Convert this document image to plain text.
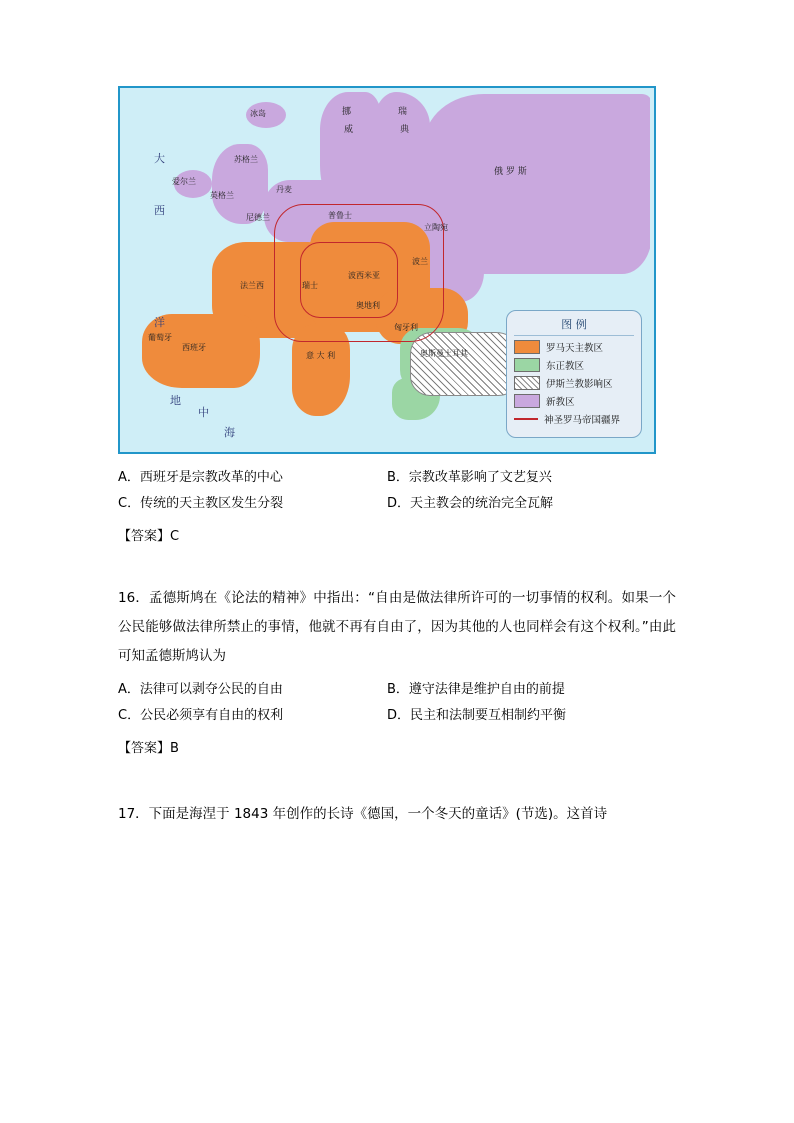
大
西
洋
地
中
海
挪
威
瑞
典
冰岛
苏格兰
爱尔兰
英格兰
丹麦
尼德兰	普鲁士
俄 罗 斯
立陶宛
波兰
法兰西	瑞士
波西米亚
奥地利
匈牙利
葡萄牙
西班牙
意 大 利	奥斯曼土耳其
图 例
罗马天主教区
东正教区
伊斯兰教影响区
新教区
神圣罗马帝国疆界
A．西班牙是宗教改革的中心
C．传统的天主教区发生分裂
B．宗教改革影响了文艺复兴
D．天主教会的统治完全瓦解
【答案】C
16．孟德斯鸠在《论法的精神》中指出：“自由是做法律所许可的一切事情的权利。如果一个公民能够做法律所禁止的事情，他就不再有自由了，因为其他的人也同样会有这个权利。”由此可知孟德斯鸠认为
A．法律可以剥夺公民的自由
C．公民必须享有自由的权利
B．遵守法律是维护自由的前提
D．民主和法制要互相制约平衡
【答案】B
17．下面是海涅于 1843 年创作的长诗《德国，一个冬天的童话》(节选)。这首诗
